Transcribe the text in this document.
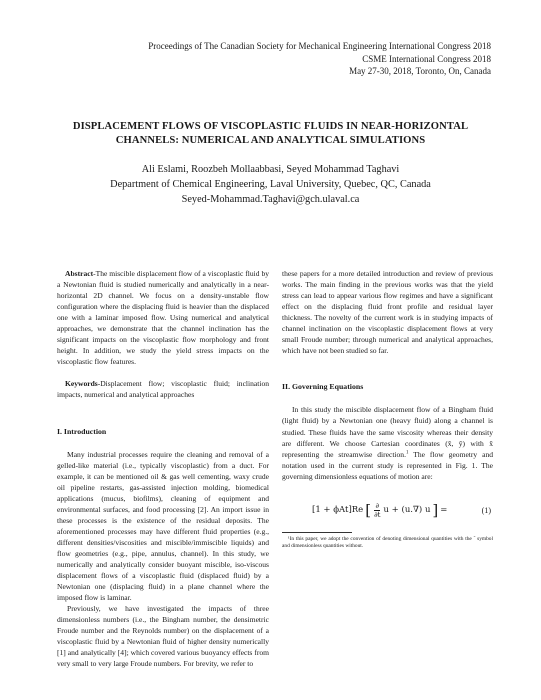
Proceedings of The Canadian Society for Mechanical Engineering International Congress 2018
CSME International Congress 2018
May 27-30, 2018, Toronto, On, Canada
DISPLACEMENT FLOWS OF VISCOPLASTIC FLUIDS IN NEAR-HORIZONTAL
CHANNELS: NUMERICAL AND ANALYTICAL SIMULATIONS
Ali Eslami, Roozbeh Mollaabbasi, Seyed Mohammad Taghavi
Department of Chemical Engineering, Laval University, Quebec, QC, Canada
Seyed-Mohammad.Taghavi@gch.ulaval.ca

Abstract-The miscible displacement flow of a viscoplastic fluid by a Newtonian fluid is studied numerically and analytically in a near-horizontal 2D channel. We focus on a density-unstable flow configuration where the displacing fluid is heavier than the displaced one with a laminar imposed flow. Using numerical and analytical approaches, we demonstrate that the channel inclination has the significant impacts on the viscoplastic flow morphology and front height. In addition, we study the yield stress impacts on the viscoplastic flow features.

Keywords-Displacement flow; viscoplastic fluid; inclination impacts, numerical and analytical approaches

I. Introduction

Many industrial processes require the cleaning and removal of a gelled-like material (i.e., typically viscoplastic) from a duct. For example, it can be mentioned oil & gas well cementing, waxy crude oil pipeline restarts, gas-assisted injection molding, biomedical applications (mucus, biofilms), cleaning of equipment and environmental surfaces, and food processing [2]. An import issue in these processes is the existence of the residual deposits. The aforementioned processes may have different fluid properties (e.g., different densities/viscosities and miscible/immiscible liquids) and flow geometries (e.g., pipe, annulus, channel). In this study, we numerically and analytically consider buoyant miscible, iso-viscous displacement flows of a viscoplastic fluid (displaced fluid) by a Newtonian one (displacing fluid) in a plane channel where the imposed flow is laminar.

Previously, we have investigated the impacts of three dimensionless numbers (i.e., the Bingham number, the densimetric Froude number and the Reynolds number) on the displacement of a viscoplastic fluid by a Newtonian fluid of higher density numerically [1] and analytically [4]; which covered various buoyancy effects from very small to very large Froude numbers. For brevity, we refer to

these papers for a more detailed introduction and review of previous works. The main finding in the previous works was that the yield stress can lead to appear various flow regimes and have a significant effect on the displacing fluid front profile and residual layer thickness. The novelty of the current work is in studying impacts of channel inclination on the viscoplastic displacement flows at very small Froude number; through numerical and analytical approaches, which have not been studied so far.

II. Governing Equations

In this study the miscible displacement flow of a Bingham fluid (light fluid) by a Newtonian one (heavy fluid) along a channel is studied. These fluids have the same viscosity whereas their density are different. We choose Cartesian coordinates (x̂, ŷ) with x̂ representing the streamwise direction.$^1$ The flow geometry and notation used in the current study is represented in Fig. 1. The governing dimensionless equations of motion are:

[1 + ϕAt]Re [ $\frac{\partial}{\partial t}$ u + (u.∇) u ] =	(1)

¹In this paper, we adopt the convention of denoting dimensional quantities with the ˆ symbol and dimensionless quantities without.
